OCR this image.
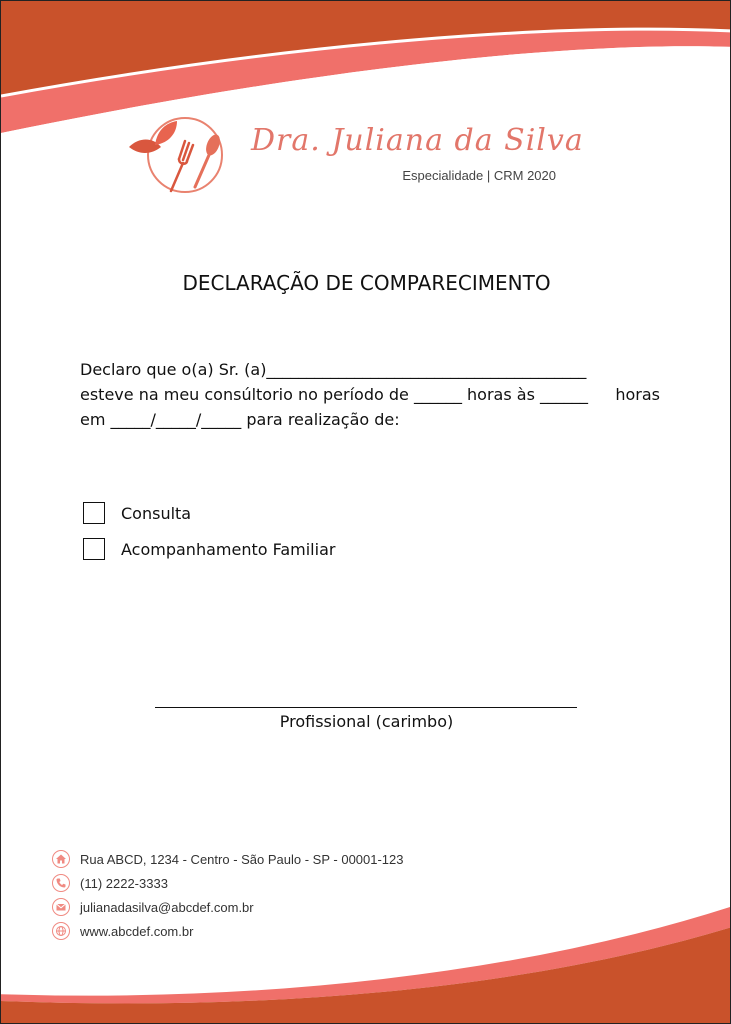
Dra. Juliana da Silva
Especialidade | CRM 2020
DECLARAÇÃO DE COMPARECIMENTO
Declaro que o(a) Sr. (a)________________________________________
esteve na meu consúltorio no período de ______ horas às ______ horas
em _____/_____/_____ para realização de:
Consulta
Acompanhamento Familiar
Profissional (carimbo)
Rua ABCD, 1234 - Centro - São Paulo - SP - 00001-123
(11) 2222-3333
julianadasilva@abcdef.com.br
www.abcdef.com.br
